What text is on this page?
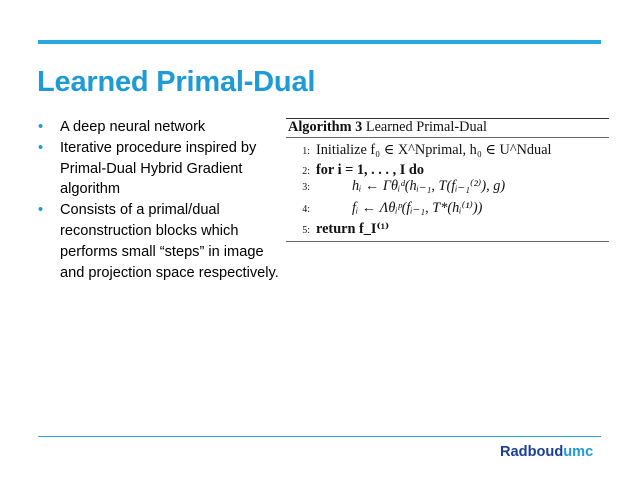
Learned Primal-Dual
• A deep neural network
• Iterative procedure inspired by Primal-Dual Hybrid Gradient algorithm
• Consists of a primal/dual reconstruction blocks which performs small “steps” in image and projection space respectively.
Algorithm 3 Learned Primal-Dual
1: Initialize f₀ ∈ X^Nprimal, h₀ ∈ U^Ndual
2: for i = 1, . . . , I do
3:	hᵢ ← Γθᵢᵈ(hᵢ₋₁, T(fᵢ₋₁⁽²⁾), g)
4:	fᵢ ← Λθᵢᵖ(fᵢ₋₁, T*(hᵢ⁽¹⁾))
5: return f_I⁽¹⁾
Radboudumc
